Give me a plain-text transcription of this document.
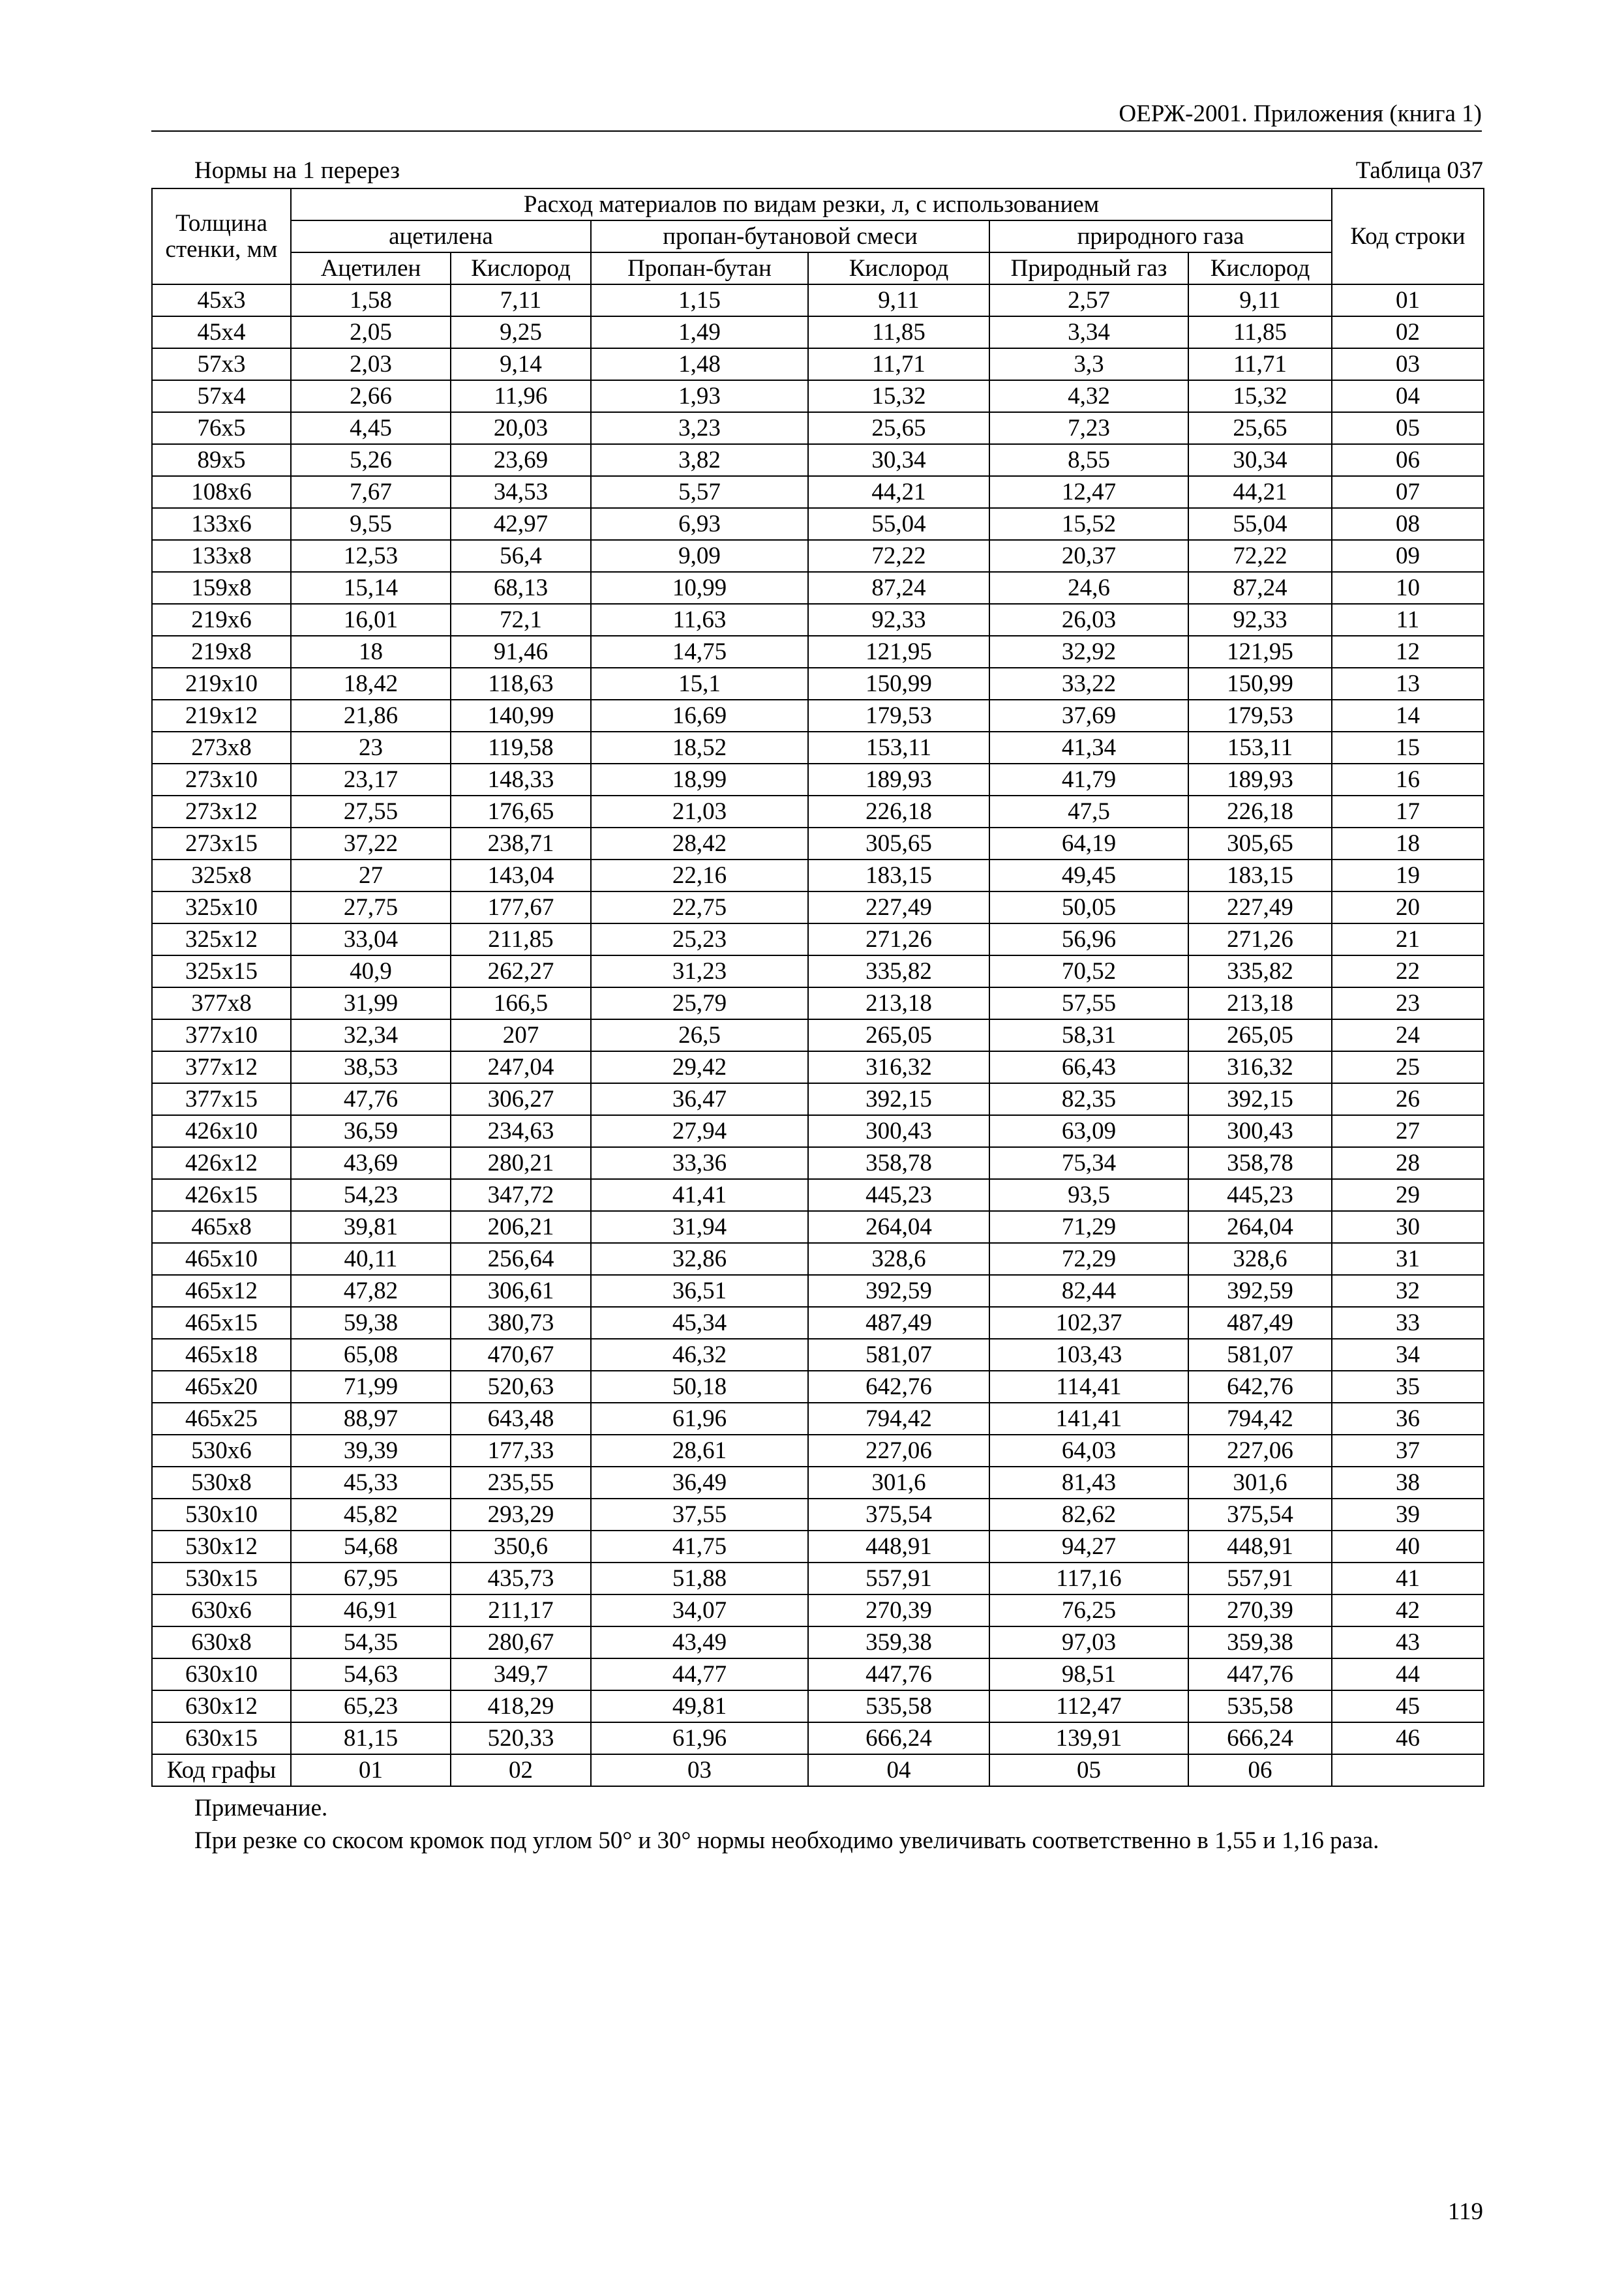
ОЕРЖ-2001. Приложения (книга 1)
Нормы на 1 перерез	Таблица 037
Толщина стенки, мм	Расход материалов по видам резки, л, с использованием						Код строки
	ацетилена		пропан-бутановой смеси		природного газа		
	Ацетилен	Кислород	Пропан-бутан	Кислород	Природный газ	Кислород	
45x3	1,58	7,11	1,15	9,11	2,57	9,11	01
45x4	2,05	9,25	1,49	11,85	3,34	11,85	02
57x3	2,03	9,14	1,48	11,71	3,3	11,71	03
57x4	2,66	11,96	1,93	15,32	4,32	15,32	04
76x5	4,45	20,03	3,23	25,65	7,23	25,65	05
89x5	5,26	23,69	3,82	30,34	8,55	30,34	06
108x6	7,67	34,53	5,57	44,21	12,47	44,21	07
133x6	9,55	42,97	6,93	55,04	15,52	55,04	08
133x8	12,53	56,4	9,09	72,22	20,37	72,22	09
159x8	15,14	68,13	10,99	87,24	24,6	87,24	10
219x6	16,01	72,1	11,63	92,33	26,03	92,33	11
219x8	18	91,46	14,75	121,95	32,92	121,95	12
219x10	18,42	118,63	15,1	150,99	33,22	150,99	13
219x12	21,86	140,99	16,69	179,53	37,69	179,53	14
273x8	23	119,58	18,52	153,11	41,34	153,11	15
273x10	23,17	148,33	18,99	189,93	41,79	189,93	16
273x12	27,55	176,65	21,03	226,18	47,5	226,18	17
273x15	37,22	238,71	28,42	305,65	64,19	305,65	18
325x8	27	143,04	22,16	183,15	49,45	183,15	19
325x10	27,75	177,67	22,75	227,49	50,05	227,49	20
325x12	33,04	211,85	25,23	271,26	56,96	271,26	21
325x15	40,9	262,27	31,23	335,82	70,52	335,82	22
377x8	31,99	166,5	25,79	213,18	57,55	213,18	23
377x10	32,34	207	26,5	265,05	58,31	265,05	24
377x12	38,53	247,04	29,42	316,32	66,43	316,32	25
377x15	47,76	306,27	36,47	392,15	82,35	392,15	26
426x10	36,59	234,63	27,94	300,43	63,09	300,43	27
426x12	43,69	280,21	33,36	358,78	75,34	358,78	28
426x15	54,23	347,72	41,41	445,23	93,5	445,23	29
465x8	39,81	206,21	31,94	264,04	71,29	264,04	30
465x10	40,11	256,64	32,86	328,6	72,29	328,6	31
465x12	47,82	306,61	36,51	392,59	82,44	392,59	32
465x15	59,38	380,73	45,34	487,49	102,37	487,49	33
465x18	65,08	470,67	46,32	581,07	103,43	581,07	34
465x20	71,99	520,63	50,18	642,76	114,41	642,76	35
465x25	88,97	643,48	61,96	794,42	141,41	794,42	36
530x6	39,39	177,33	28,61	227,06	64,03	227,06	37
530x8	45,33	235,55	36,49	301,6	81,43	301,6	38
530x10	45,82	293,29	37,55	375,54	82,62	375,54	39
530x12	54,68	350,6	41,75	448,91	94,27	448,91	40
530x15	67,95	435,73	51,88	557,91	117,16	557,91	41
630x6	46,91	211,17	34,07	270,39	76,25	270,39	42
630x8	54,35	280,67	43,49	359,38	97,03	359,38	43
630x10	54,63	349,7	44,77	447,76	98,51	447,76	44
630x12	65,23	418,29	49,81	535,58	112,47	535,58	45
630x15	81,15	520,33	61,96	666,24	139,91	666,24	46
Код графы	01	02	03	04	05	06	
Примечание.
При резке со скосом кромок под углом 50° и 30° нормы необходимо увеличивать соответственно в 1,55 и 1,16 раза.
119
